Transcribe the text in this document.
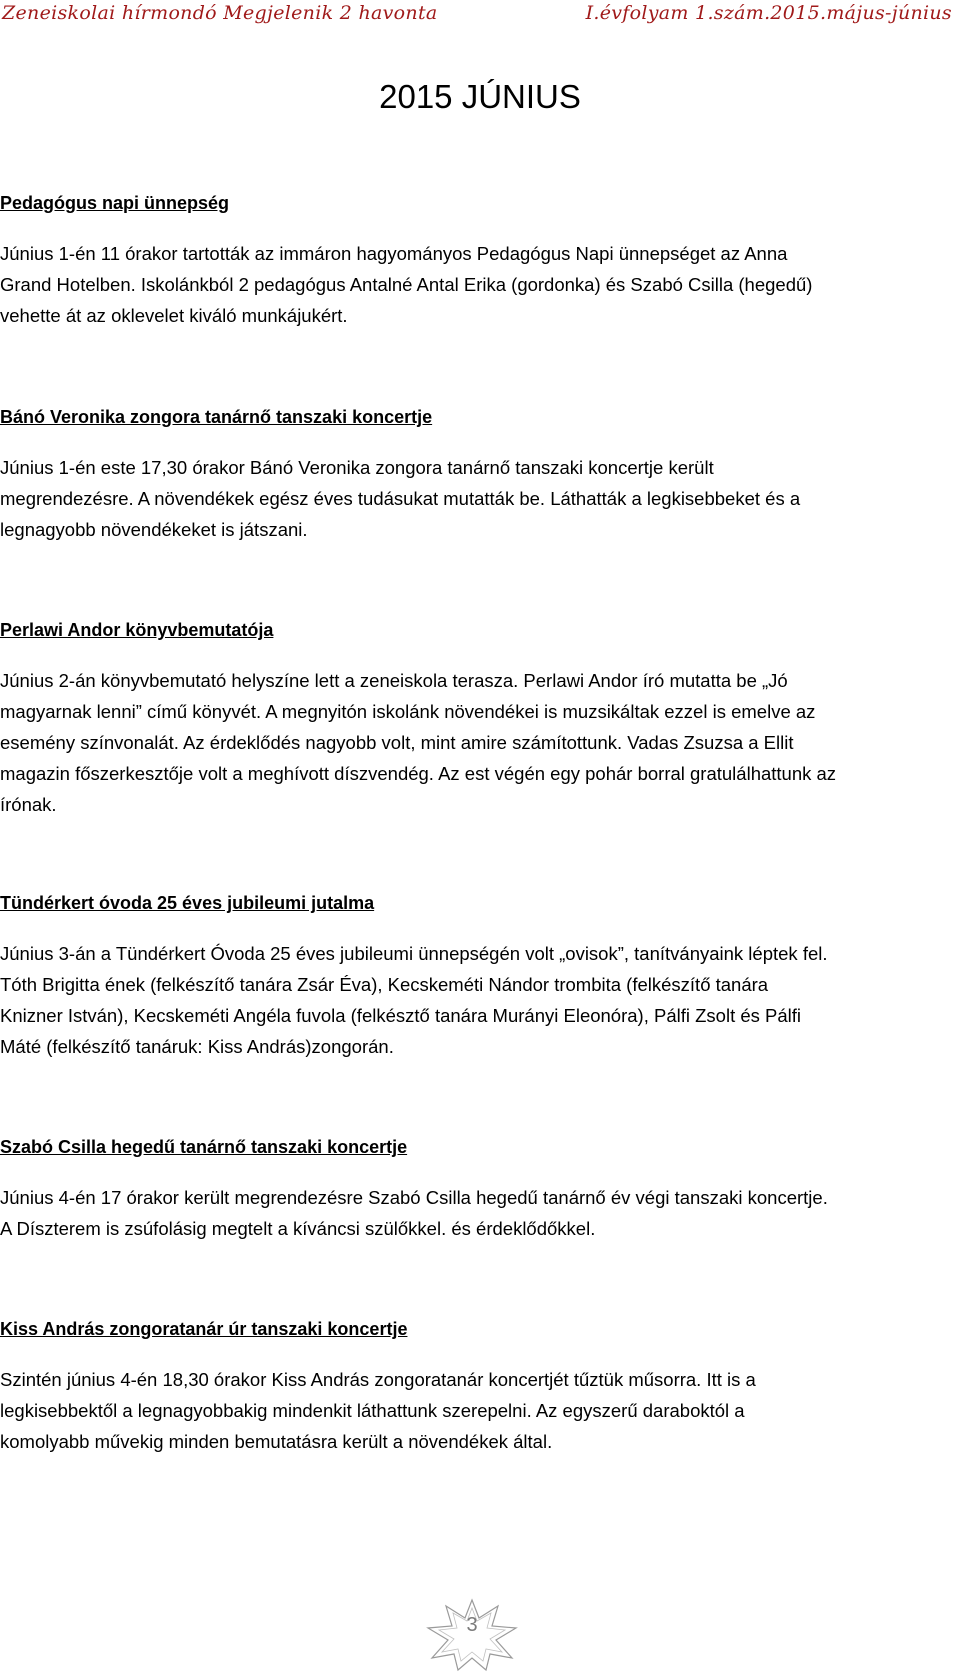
Zeneiskolai hírmondó Megjelenik 2 havonta	I.évfolyam 1.szám.2015.május-június
2015 JÚNIUS
Pedagógus napi ünnepség

Június 1-én 11 órakor tartották az immáron hagyományos Pedagógus Napi ünnepséget az Anna

Grand Hotelben. Iskolánkból 2 pedagógus Antalné Antal Erika (gordonka) és Szabó Csilla (hegedű)

vehette át az oklevelet kiváló munkájukért.

Bánó Veronika zongora tanárnő tanszaki koncertje

Június 1-én este 17,30 órakor Bánó Veronika zongora tanárnő tanszaki koncertje került

megrendezésre. A növendékek egész éves tudásukat mutatták be. Láthatták a legkisebbeket és a

legnagyobb növendékeket is játszani.

Perlawi Andor könyvbemutatója

Június 2-án könyvbemutató helyszíne lett a zeneiskola terasza. Perlawi Andor író mutatta be „Jó

magyarnak lenni” című könyvét. A megnyitón iskolánk növendékei is muzsikáltak ezzel is emelve az

esemény színvonalát. Az érdeklődés nagyobb volt, mint amire számítottunk. Vadas Zsuzsa a Ellit

magazin főszerkesztője volt a meghívott díszvendég. Az est végén egy pohár borral gratulálhattunk az

írónak.

Tündérkert óvoda 25 éves jubileumi jutalma

Június 3-án a Tündérkert Óvoda 25 éves jubileumi ünnepségén volt „ovisok”, tanítványaink léptek fel.

Tóth Brigitta ének (felkészítő tanára Zsár Éva), Kecskeméti Nándor trombita (felkészítő tanára

Knizner István), Kecskeméti Angéla fuvola (felkésztő tanára Murányi Eleonóra), Pálfi Zsolt és Pálfi

Máté (felkészítő tanáruk: Kiss András)zongorán.

Szabó Csilla hegedű tanárnő tanszaki koncertje

Június 4-én 17 órakor került megrendezésre Szabó Csilla hegedű tanárnő év végi tanszaki koncertje.

A Díszterem is zsúfolásig megtelt a kíváncsi szülőkkel. és érdeklődőkkel.

Kiss András zongoratanár úr tanszaki koncertje

Szintén június 4-én 18,30 órakor Kiss András zongoratanár koncertjét tűztük műsorra. Itt is a

legkisebbektől a legnagyobbakig mindenkit láthattunk szerepelni. Az egyszerű daraboktól a

komolyabb művekig minden bemutatásra került a növendékek által.

3
